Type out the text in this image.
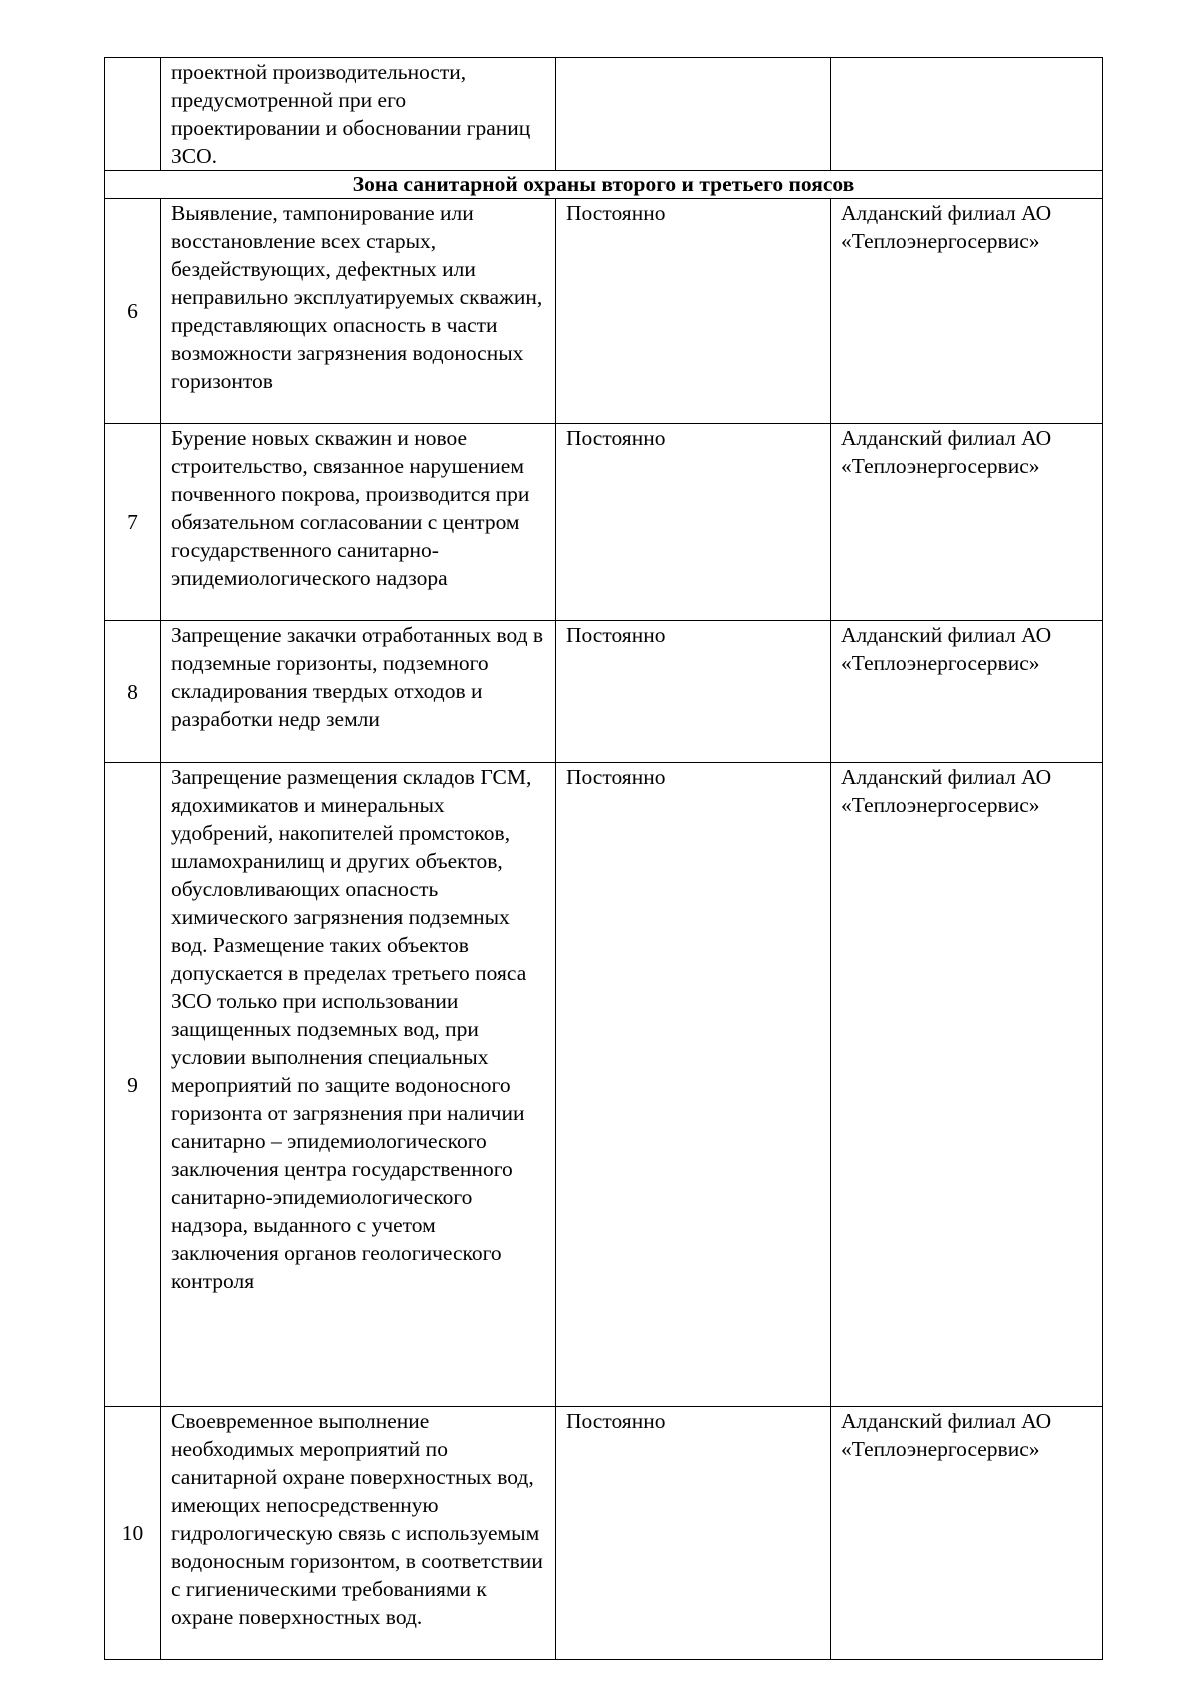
	проектной производительности, предусмотренной при его проектировании и обосновании границ ЗСО.		
Зона санитарной охраны второго и третьего поясов			
6	Выявление, тампонирование или восстановление всех старых, бездействующих, дефектных или неправильно эксплуатируемых скважин, представляющих опасность в части возможности загрязнения водоносных горизонтов	Постоянно	Алданский филиал АО «Теплоэнергосервис»
7	Бурение новых скважин и новое строительство, связанное нарушением почвенного покрова, производится при обязательном согласовании с центром государственного санитарно-эпидемиологического надзора	Постоянно	Алданский филиал АО «Теплоэнергосервис»
8	Запрещение закачки отработанных вод в подземные горизонты, подземного складирования твердых отходов и разработки недр земли	Постоянно	Алданский филиал АО «Теплоэнергосервис»
9	Запрещение размещения складов ГСМ, ядохимикатов и минеральных удобрений, накопителей промстоков, шламохранилищ и других объектов, обусловливающих опасность химического загрязнения подземных вод. Размещение таких объектов допускается в пределах третьего пояса ЗСО только при использовании защищенных подземных вод, при условии выполнения специальных мероприятий по защите водоносного горизонта от загрязнения при наличии санитарно – эпидемиологического заключения центра государственного санитарно-эпидемиологического надзора, выданного с учетом заключения органов геологического контроля	Постоянно	Алданский филиал АО «Теплоэнергосервис»
10	Своевременное выполнение необходимых мероприятий по санитарной охране поверхностных вод, имеющих непосредственную гидрологическую связь с используемым водоносным горизонтом, в соответствии с гигиеническими требованиями к охране поверхностных вод.	Постоянно	Алданский филиал АО «Теплоэнергосервис»
